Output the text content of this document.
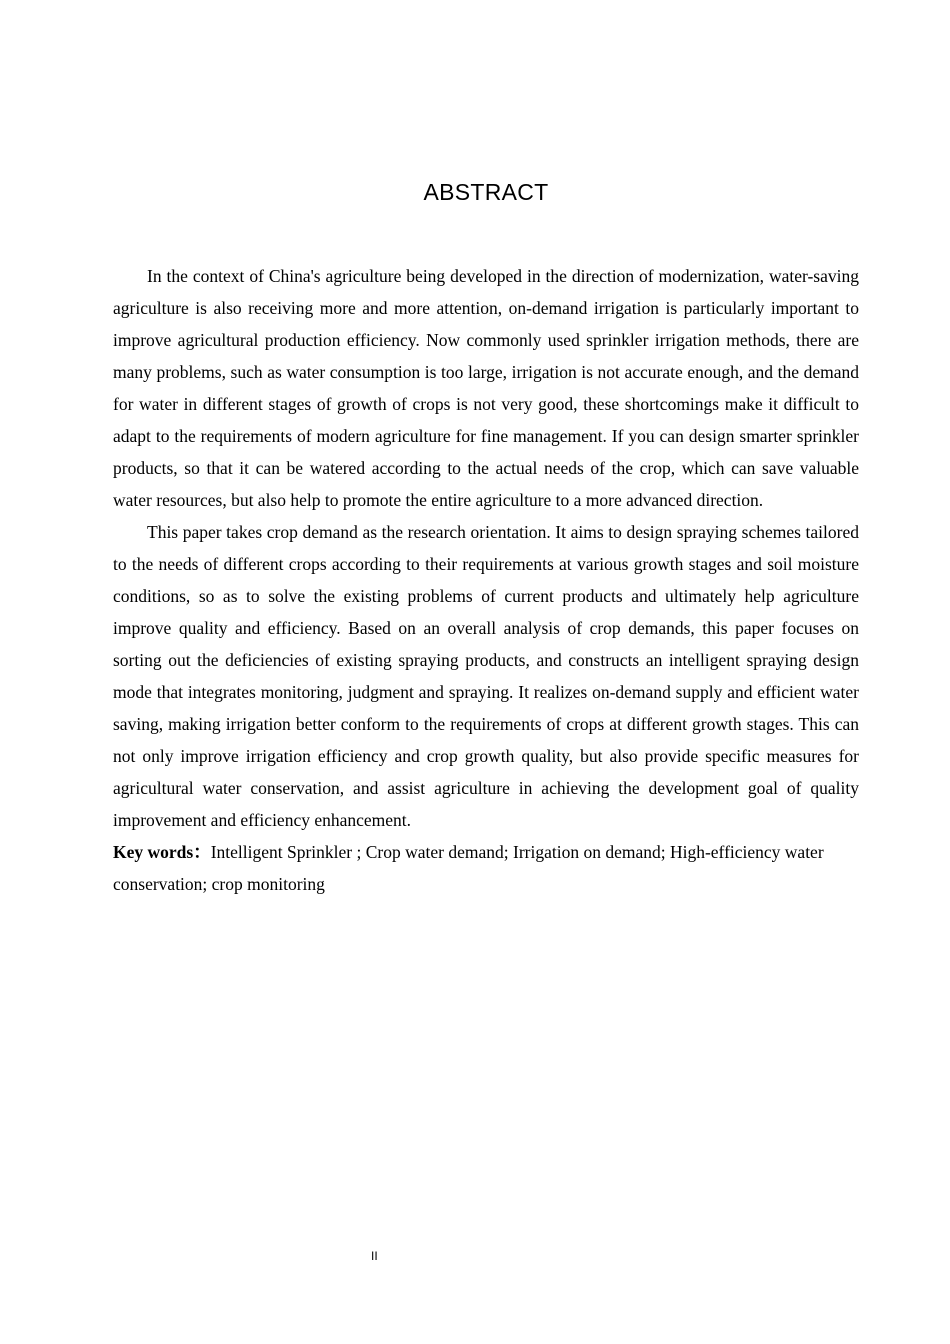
ABSTRACT

In the context of China's agriculture being developed in the direction of modernization, water-saving agriculture is also receiving more and more attention, on-demand irrigation is particularly important to improve agricultural production efficiency. Now commonly used sprinkler irrigation methods, there are many problems, such as water consumption is too large, irrigation is not accurate enough, and the demand for water in different stages of growth of crops is not very good, these shortcomings make it difficult to adapt to the requirements of modern agriculture for fine management. If you can design smarter sprinkler products, so that it can be watered according to the actual needs of the crop, which can save valuable water resources, but also help to promote the entire agriculture to a more advanced direction.

This paper takes crop demand as the research orientation. It aims to design spraying schemes tailored to the needs of different crops according to their requirements at various growth stages and soil moisture conditions, so as to solve the existing problems of current products and ultimately help agriculture improve quality and efficiency. Based on an overall analysis of crop demands, this paper focuses on sorting out the deficiencies of existing spraying products, and constructs an intelligent spraying design mode that integrates monitoring, judgment and spraying. It realizes on-demand supply and efficient water saving, making irrigation better conform to the requirements of crops at different growth stages. This can not only improve irrigation efficiency and crop growth quality, but also provide specific measures for agricultural water conservation, and assist agriculture in achieving the development goal of quality improvement and efficiency enhancement.

Key words：Intelligent Sprinkler ; Crop water demand; Irrigation on demand; High-efficiency water conservation; crop monitoring

II
